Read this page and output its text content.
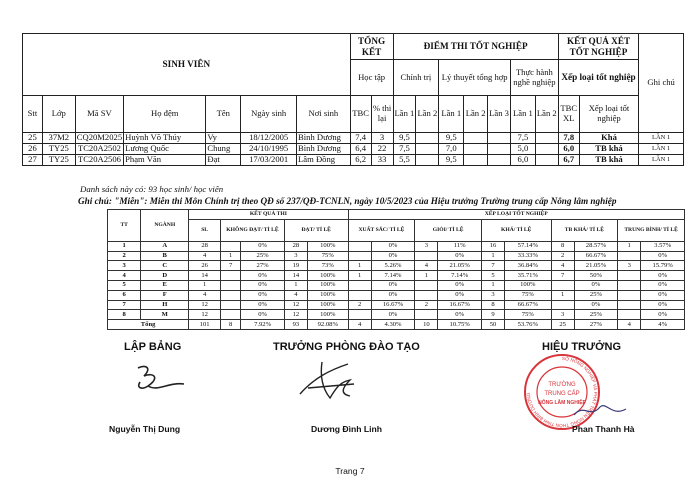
SINH VIÊN							TỔNG KẾT		ĐIỂM THI TỐT NGHIỆP							KẾT QUẢ XÉT TỐT NGHIỆP		Ghi chú
							Học tập		Chính trị		Lý thuyết tổng hợp			Thực hành nghề nghiệp		Xếp loại tốt nghiệp		
Stt	Lớp	Mã SV	Họ đệm	Tên	Ngày sinh	Nơi sinh	TBC	% thi lại	Lần 1	Lần 2	Lần 1	Lần 2	Lần 3	Lần 1	Lần 2	TBC XL	Xếp loại tốt nghiệp	
25	37M2	CQ20M2025	Huỳnh Võ Thúy	Vy	18/12/2005	Bình Dương	7,4	3	9,5		9,5			7,5		7,8	Khá	LẦN 1
26	TY25	TC20A2502	Lương Quốc	Chung	24/10/1995	Bình Dương	6,4	22	7,5		7,0			5,0		6,0	TB khá	LẦN 1
27	TY25	TC20A2506	Phạm Văn	Đạt	17/03/2001	Lâm Đồng	6,2	33	5,5		9,5			6,0		6,7	TB khá	LẦN 1
Danh sách này có: 93 học sinh/ học viên
Ghi chú: "Miễn": Miễn thi Môn Chính trị theo QĐ số 237/QĐ-TCNLN, ngày 10/5/2023 của Hiệu trưởng Trường trung cấp Nông lâm nghiệp
TT	NGÀNH	KẾT QUẢ THI					XẾP LOẠI TỐT NGHIỆP									
		SL	KHÔNG ĐẠT/ TỈ LỆ		ĐẠT/ TỈ LỆ		XUẤT SẮC/ TỈ LỆ		GIỎI/ TỈ LỆ		KHÁ/ TỈ LỆ		TB KHÁ/ TỈ LỆ		TRUNG BÌNH/ TỈ LỆ	
1	A	28		0%	28	100%		0%	3	11%	16	57.14%	8	28.57%	1	3.57%
2	B	4	1	25%	3	75%		0%		0%	1	33.33%	2	66.67%		0%
3	C	26	7	27%	19	73%	1	5.26%	4	21.05%	7	36.84%	4	21.05%	3	15.79%
4	D	14		0%	14	100%	1	7.14%	1	7.14%	5	35.71%	7	50%		0%
5	E	1		0%	1	100%		0%		0%	1	100%		0%		0%
6	F	4		0%	4	100%		0%		0%	3	75%	1	25%		0%
7	H	12		0%	12	100%	2	16.67%	2	16.67%	8	66.67%		0%		0%
8	M	12		0%	12	100%		0%		0%	9	75%	3	25%		0%
Tổng		101	8	7.92%	93	92.08%	4	4.30%	10	10.75%	50	53.76%	25	27%	4	4%
LẬP BẢNG	TRƯỞNG PHÒNG ĐÀO TẠO	HIỆU TRƯỞNG
SỞ NÔNG NGHIỆP VÀ PHÁT TRIỂN NÔNG THÔN TỈNH BÌNH DƯƠNG
TRƯỜNG
TRUNG CẤP
NÔNG LÂM NGHIỆP
Nguyễn Thị Dung	Dương Đình Linh	Phan Thanh Hà
Trang 7
